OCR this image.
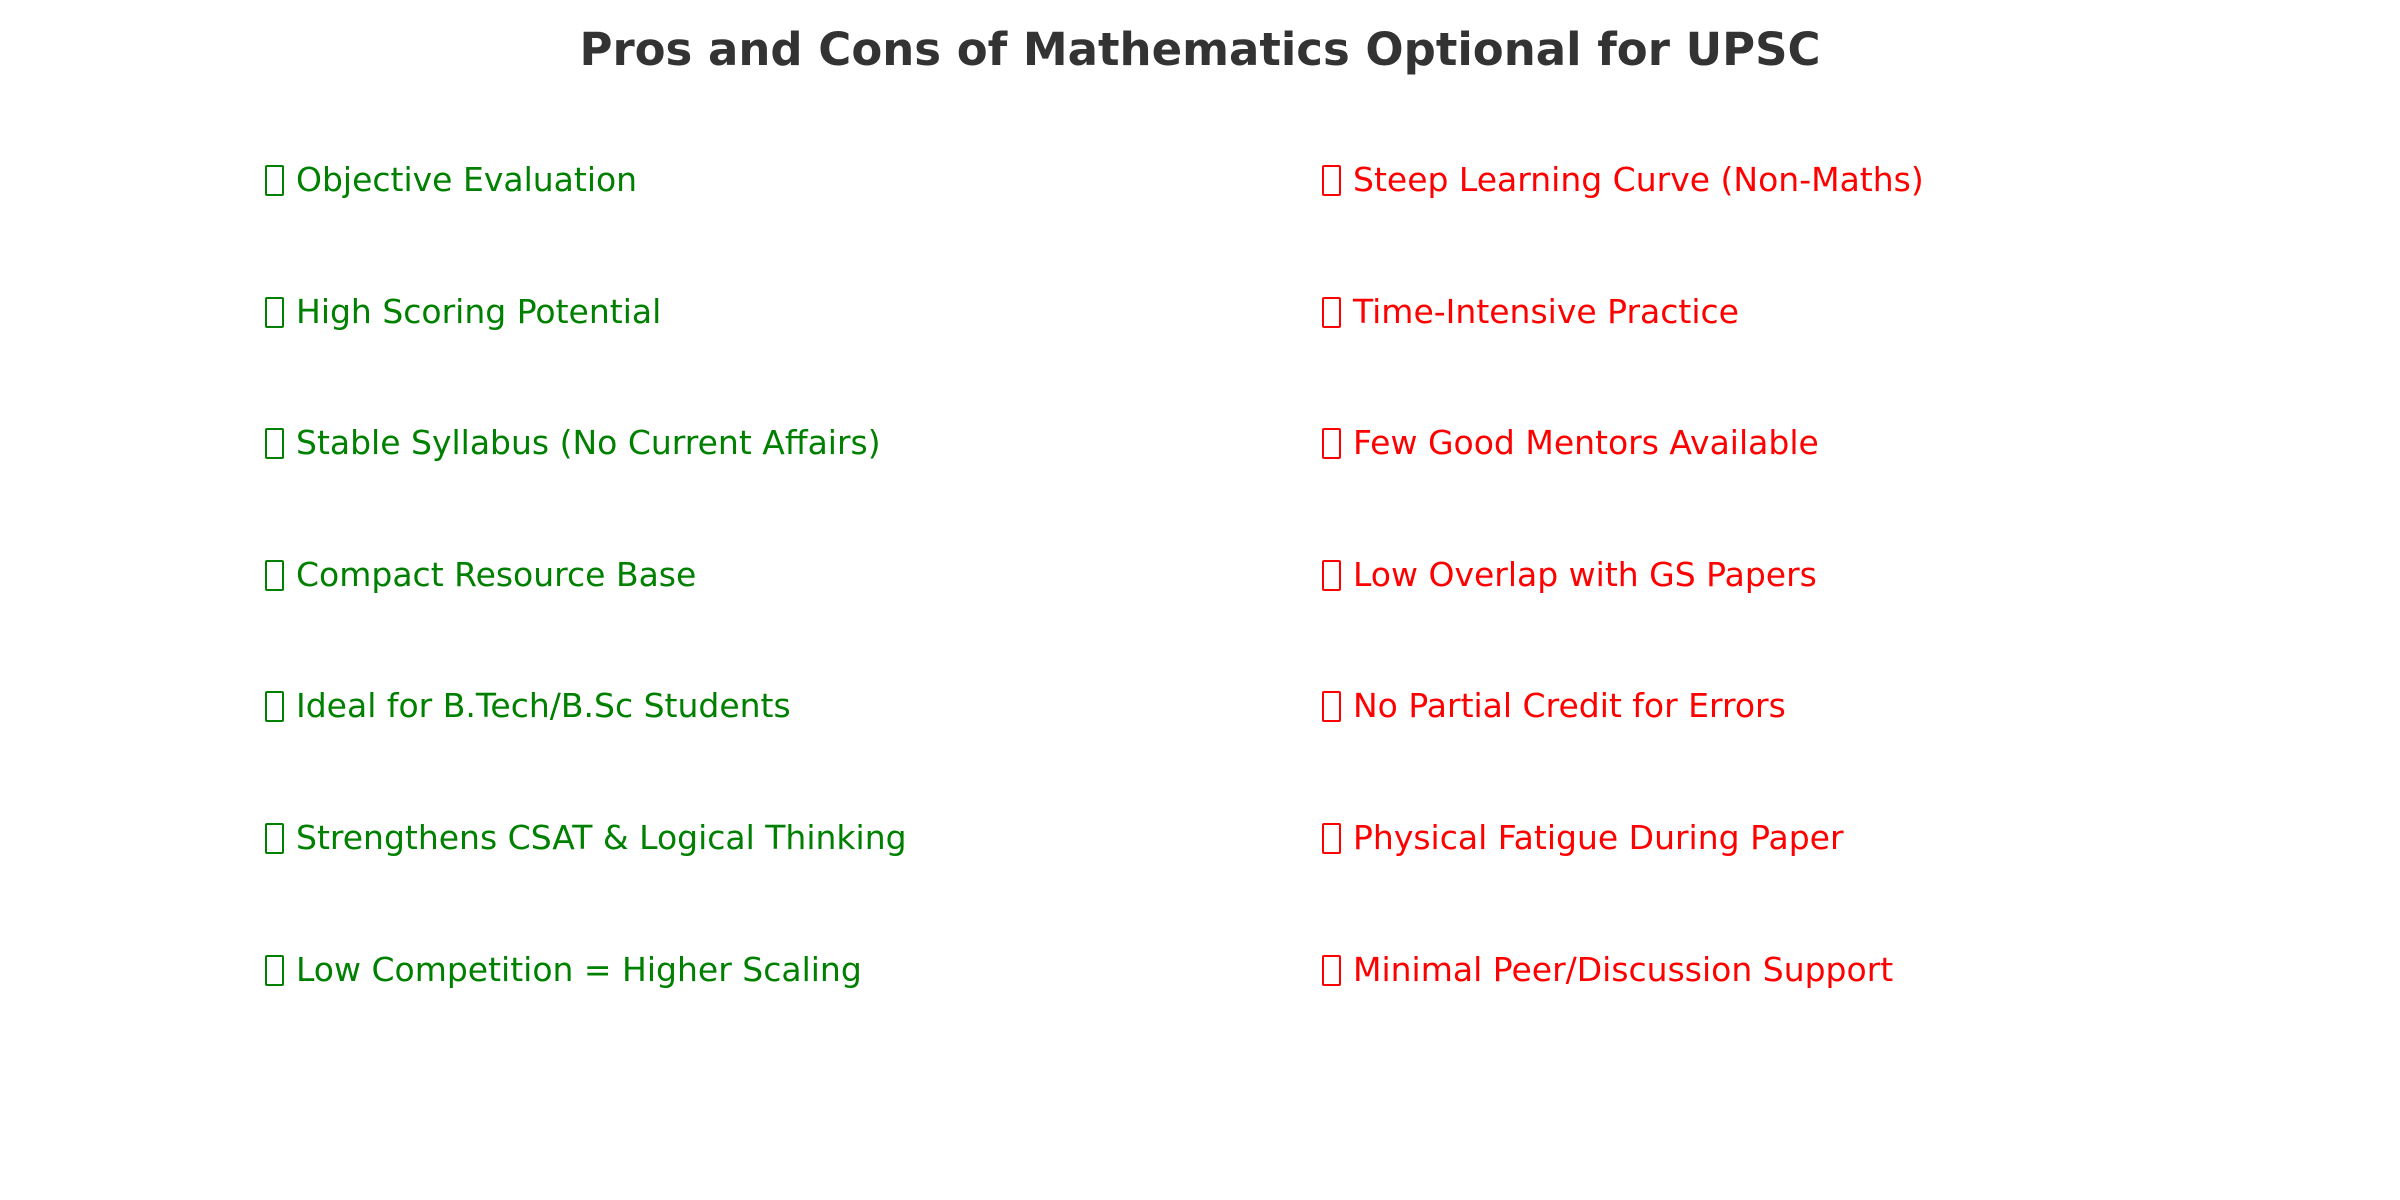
Pros and Cons of Mathematics Optional for UPSC
Objective Evaluation
High Scoring Potential
Stable Syllabus (No Current Affairs)
Compact Resource Base
Ideal for B.Tech/B.Sc Students
Strengthens CSAT & Logical Thinking
Low Competition = Higher Scaling
Steep Learning Curve (Non-Maths)
Time-Intensive Practice
Few Good Mentors Available
Low Overlap with GS Papers
No Partial Credit for Errors
Physical Fatigue During Paper
Minimal Peer/Discussion Support
